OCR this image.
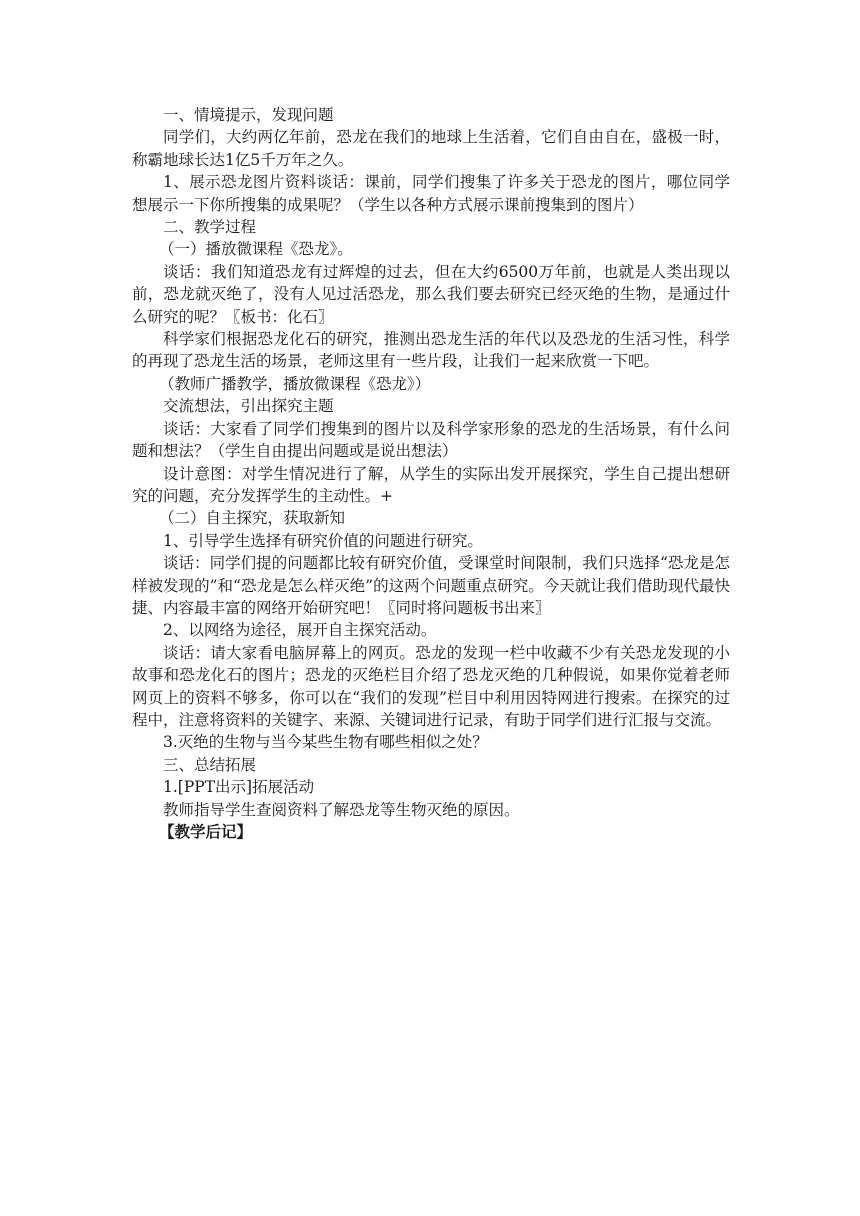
一、情境提示，发现问题

同学们，大约两亿年前，恐龙在我们的地球上生活着，它们自由自在，盛极一时，称霸地球长达1亿5千万年之久。

1、展示恐龙图片资料谈话：课前，同学们搜集了许多关于恐龙的图片，哪位同学想展示一下你所搜集的成果呢？（学生以各种方式展示课前搜集到的图片）

二、教学过程

（一）播放微课程《恐龙》。

谈话：我们知道恐龙有过辉煌的过去，但在大约6500万年前，也就是人类出现以前，恐龙就灭绝了，没有人见过活恐龙，那么我们要去研究已经灭绝的生物，是通过什么研究的呢？〖板书：化石〗

科学家们根据恐龙化石的研究，推测出恐龙生活的年代以及恐龙的生活习性，科学的再现了恐龙生活的场景，老师这里有一些片段，让我们一起来欣赏一下吧。

（教师广播教学，播放微课程《恐龙》）

交流想法，引出探究主题

谈话：大家看了同学们搜集到的图片以及科学家形象的恐龙的生活场景，有什么问题和想法？（学生自由提出问题或是说出想法）

设计意图：对学生情况进行了解，从学生的实际出发开展探究，学生自己提出想研究的问题，充分发挥学生的主动性。+

（二）自主探究，获取新知

1、引导学生选择有研究价值的问题进行研究。

谈话：同学们提的问题都比较有研究价值，受课堂时间限制，我们只选择“恐龙是怎样被发现的”和“恐龙是怎么样灭绝”的这两个问题重点研究。今天就让我们借助现代最快捷、内容最丰富的网络开始研究吧！〖同时将问题板书出来〗

2、以网络为途径，展开自主探究活动。

谈话：请大家看电脑屏幕上的网页。恐龙的发现一栏中收藏不少有关恐龙发现的小故事和恐龙化石的图片；恐龙的灭绝栏目介绍了恐龙灭绝的几种假说，如果你觉着老师网页上的资料不够多，你可以在“我们的发现”栏目中利用因特网进行搜索。在探究的过程中，注意将资料的关键字、来源、关键词进行记录，有助于同学们进行汇报与交流。

3.灭绝的生物与当今某些生物有哪些相似之处？

三、总结拓展

1.[PPT出示]拓展活动

教师指导学生查阅资料了解恐龙等生物灭绝的原因。

【教学后记】
